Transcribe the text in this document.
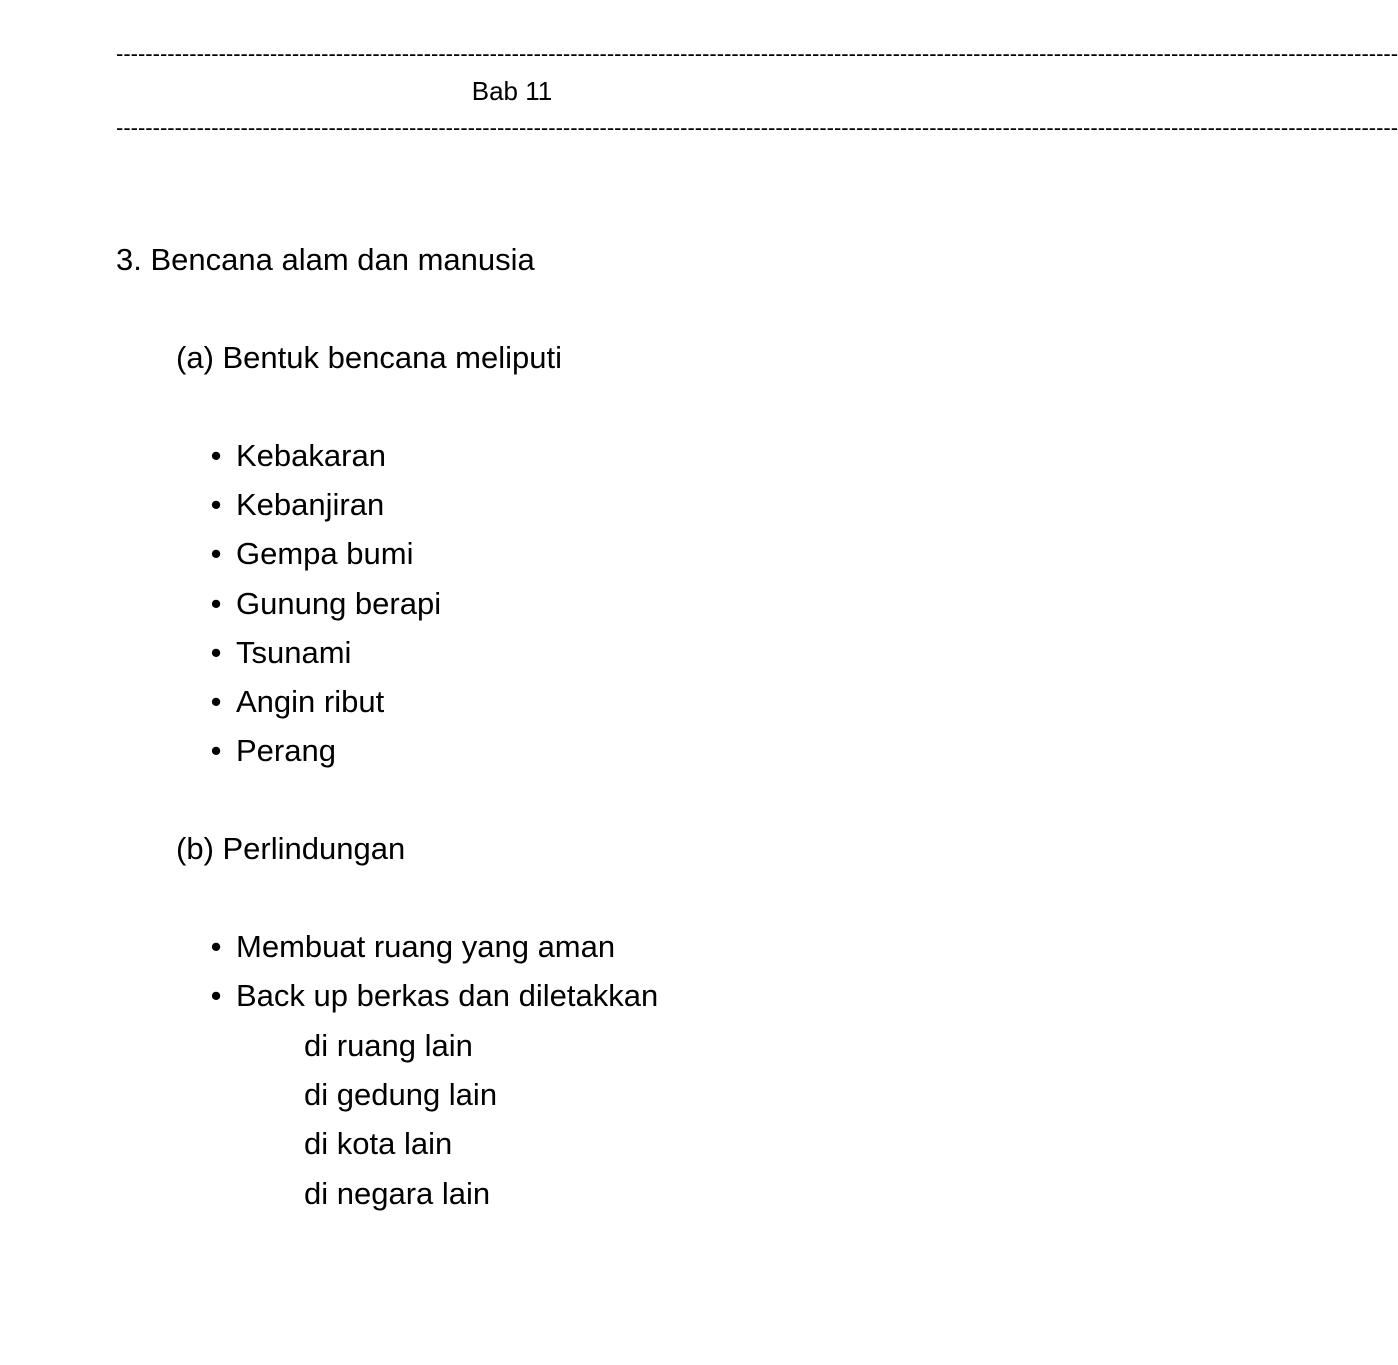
-------------------------------------------------------------------------------------------------------------------------------------------------------------------------------
Bab 11
-------------------------------------------------------------------------------------------------------------------------------------------------------------------------------
3. Bencana alam dan manusia
(a) Bentuk bencana meliputi
• Kebakaran
• Kebanjiran
• Gempa bumi
• Gunung berapi
• Tsunami
• Angin ribut
• Perang
(b) Perlindungan
• Membuat ruang yang aman
• Back up berkas dan diletakkan
di ruang lain
di gedung lain
di kota lain
di negara lain
